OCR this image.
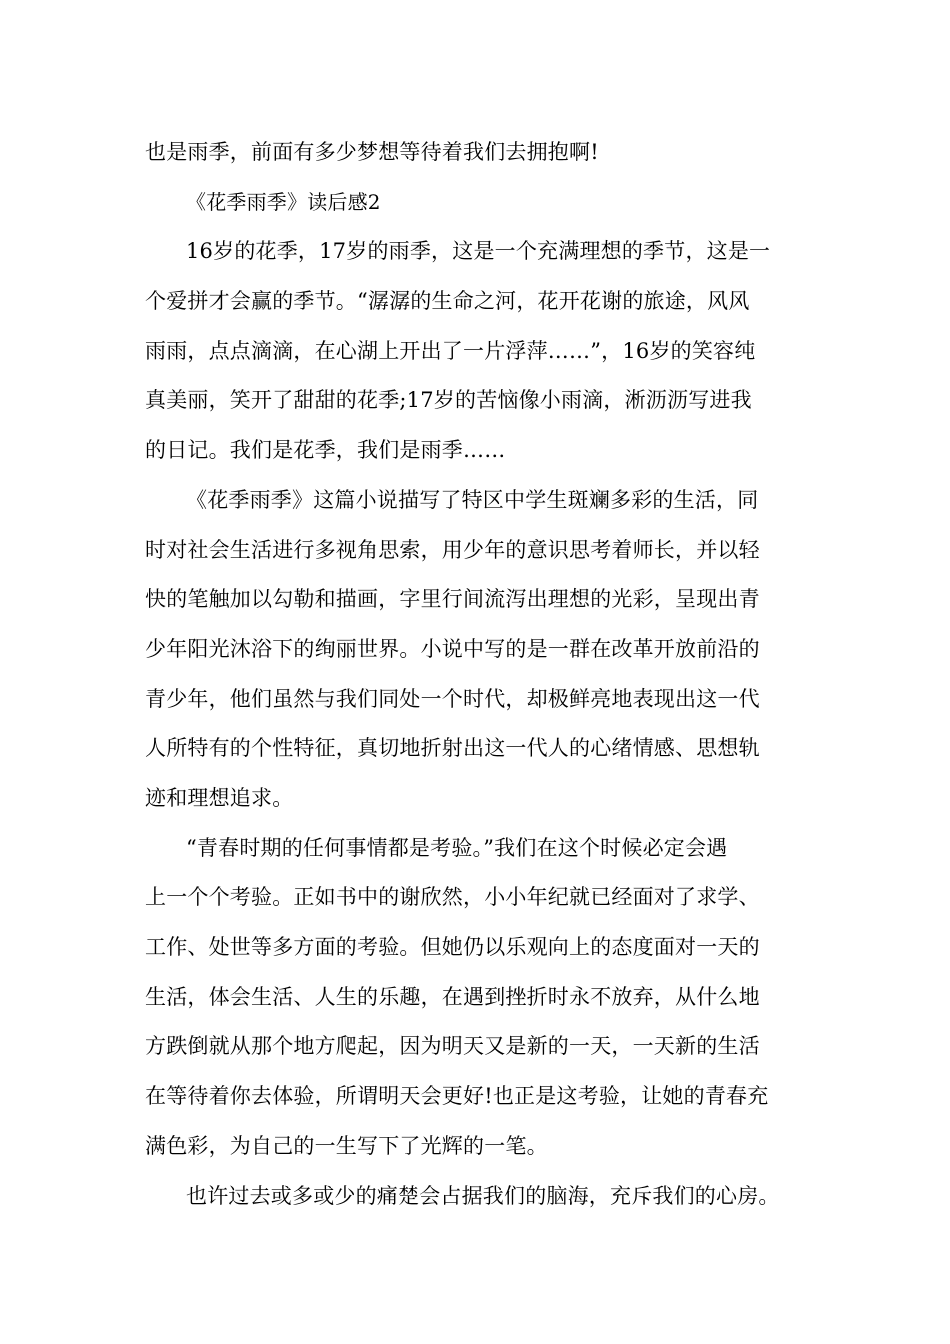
也是雨季，前面有多少梦想等待着我们去拥抱啊!
《花季雨季》读后感2
16岁的花季，17岁的雨季，这是一个充满理想的季节，这是一
个爱拼才会赢的季节。“潺潺的生命之河，花开花谢的旅途，风风
雨雨，点点滴滴，在心湖上开出了一片浮萍……”，16岁的笑容纯
真美丽，笑开了甜甜的花季;17岁的苦恼像小雨滴，淅沥沥写进我
的日记。我们是花季，我们是雨季……
《花季雨季》这篇小说描写了特区中学生斑斓多彩的生活，同
时对社会生活进行多视角思索，用少年的意识思考着师长，并以轻
快的笔触加以勾勒和描画，字里行间流泻出理想的光彩，呈现出青
少年阳光沐浴下的绚丽世界。小说中写的是一群在改革开放前沿的
青少年，他们虽然与我们同处一个时代，却极鲜亮地表现出这一代
人所特有的个性特征，真切地折射出这一代人的心绪情感、思想轨
迹和理想追求。
“青春时期的任何事情都是考验。”我们在这个时候必定会遇
上一个个考验。正如书中的谢欣然，小小年纪就已经面对了求学、
工作、处世等多方面的考验。但她仍以乐观向上的态度面对一天的
生活，体会生活、人生的乐趣，在遇到挫折时永不放弃，从什么地
方跌倒就从那个地方爬起，因为明天又是新的一天，一天新的生活
在等待着你去体验，所谓明天会更好!也正是这考验，让她的青春充
满色彩，为自己的一生写下了光辉的一笔。
也许过去或多或少的痛楚会占据我们的脑海，充斥我们的心房。
